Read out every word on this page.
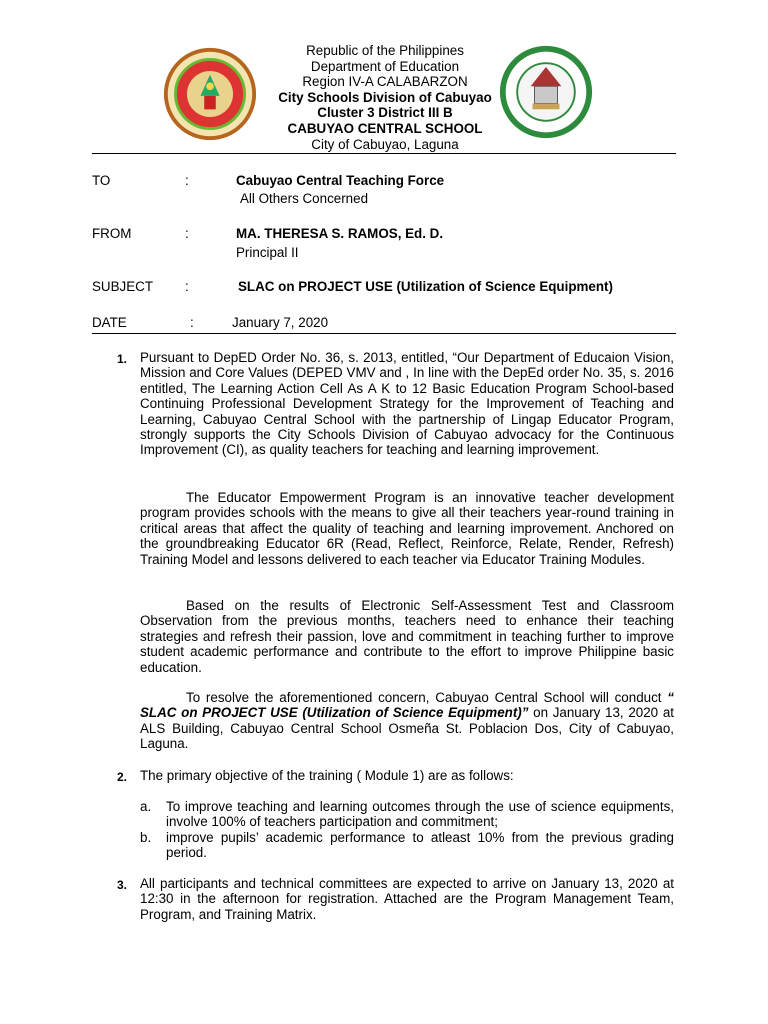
Republic of the Philippines
Department of Education
Region IV-A CALABARZON
City Schools Division of Cabuyao
Cluster 3 District III B
CABUYAO CENTRAL SCHOOL
City of Cabuyao, Laguna
TO	:	Cabuyao Central Teaching Force
All Others Concerned
FROM	:	MA. THERESA S. RAMOS, Ed. D.
Principal II
SUBJECT :	SLAC on PROJECT USE (Utilization of Science Equipment)
DATE	:	January 7, 2020
1. Pursuant to DepED Order No. 36, s. 2013, entitled, “Our Department of Educaion Vision, Mission and Core Values (DEPED VMV and , In line with the DepEd order No. 35, s. 2016 entitled, The Learning Action Cell As A K to 12 Basic Education Program School-based Continuing Professional Development Strategy for the Improvement of Teaching and Learning, Cabuyao Central School with the partnership of Lingap Educator Program, strongly supports the City Schools Division of Cabuyao advocacy for the Continuous Improvement (CI), as quality teachers for teaching and learning improvement.

The Educator Empowerment Program is an innovative teacher development program provides schools with the means to give all their teachers year-round training in critical areas that affect the quality of teaching and learning improvement. Anchored on the groundbreaking Educator 6R (Read, Reflect, Reinforce, Relate, Render, Refresh) Training Model and lessons delivered to each teacher via Educator Training Modules.

Based on the results of Electronic Self-Assessment Test and Classroom Observation from the previous months, teachers need to enhance their teaching strategies and refresh their passion, love and commitment in teaching further to improve student academic performance and contribute to the effort to improve Philippine basic education.

To resolve the aforementioned concern, Cabuyao Central School will conduct “ SLAC on PROJECT USE (Utilization of Science Equipment)” on January 13, 2020 at ALS Building, Cabuyao Central School Osmeña St. Poblacion Dos, City of Cabuyao, Laguna.

2. The primary objective of the training ( Module 1) are as follows:

a. To improve teaching and learning outcomes through the use of science equipments, involve 100% of teachers participation and commitment;
b. improve pupils’ academic performance to atleast 10% from the previous grading period.
3. All participants and technical committees are expected to arrive on January 13, 2020 at 12:30 in the afternoon for registration. Attached are the Program Management Team, Program, and Training Matrix.
